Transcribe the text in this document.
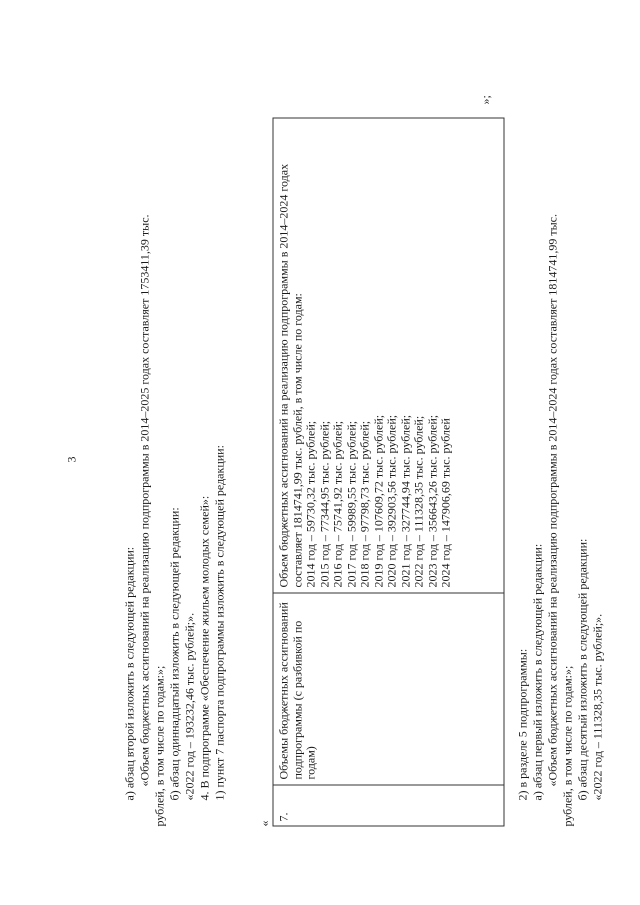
3
а) абзац второй изложить в следующей редакции: «Объем бюджетных ассигнований на реализацию подпрограммы в 2014–2025 годах составляет 1753411,39 тыс. рублей, в том числе по годам:»; б) абзац одиннадцатый изложить в следующей редакции: «2022 год – 193232,46 тыс. рублей;». 4. В подпрограмме «Обеспечение жильем молодых семей»: 1) пункт 7 паспорта подпрограммы изложить в следующей редакции:
«
7.
Объемы бюджетных ассигнований подпрограммы (с разбивкой по годам)
Объем бюджетных ассигнований на реализацию подпрограммы в 2014–2024 годах составляет 1814741,99 тыс. рублей, в том числе по годам: 2014 год – 59730,32 тыс. рублей; 2015 год – 77344,95 тыс. рублей; 2016 год – 75741,92 тыс. рублей; 2017 год – 59989,55 тыс. рублей; 2018 год – 97798,73 тыс. рублей; 2019 год – 107609,72 тыс. рублей; 2020 год – 392903,56 тыс. рублей; 2021 год – 327744,94 тыс. рублей; 2022 год – 111328,35 тыс. рублей; 2023 год – 356643,26 тыс. рублей; 2024 год – 147906,69 тыс. рублей
»;
2) в разделе 5 подпрограммы: а) абзац первый изложить в следующей редакции: «Объем бюджетных ассигнований на реализацию подпрограммы в 2014–2024 годах составляет 1814741,99 тыс. рублей, в том числе по годам:»; б) абзац десятый изложить в следующей редакции: «2022 год – 111328,35 тыс. рублей;».
